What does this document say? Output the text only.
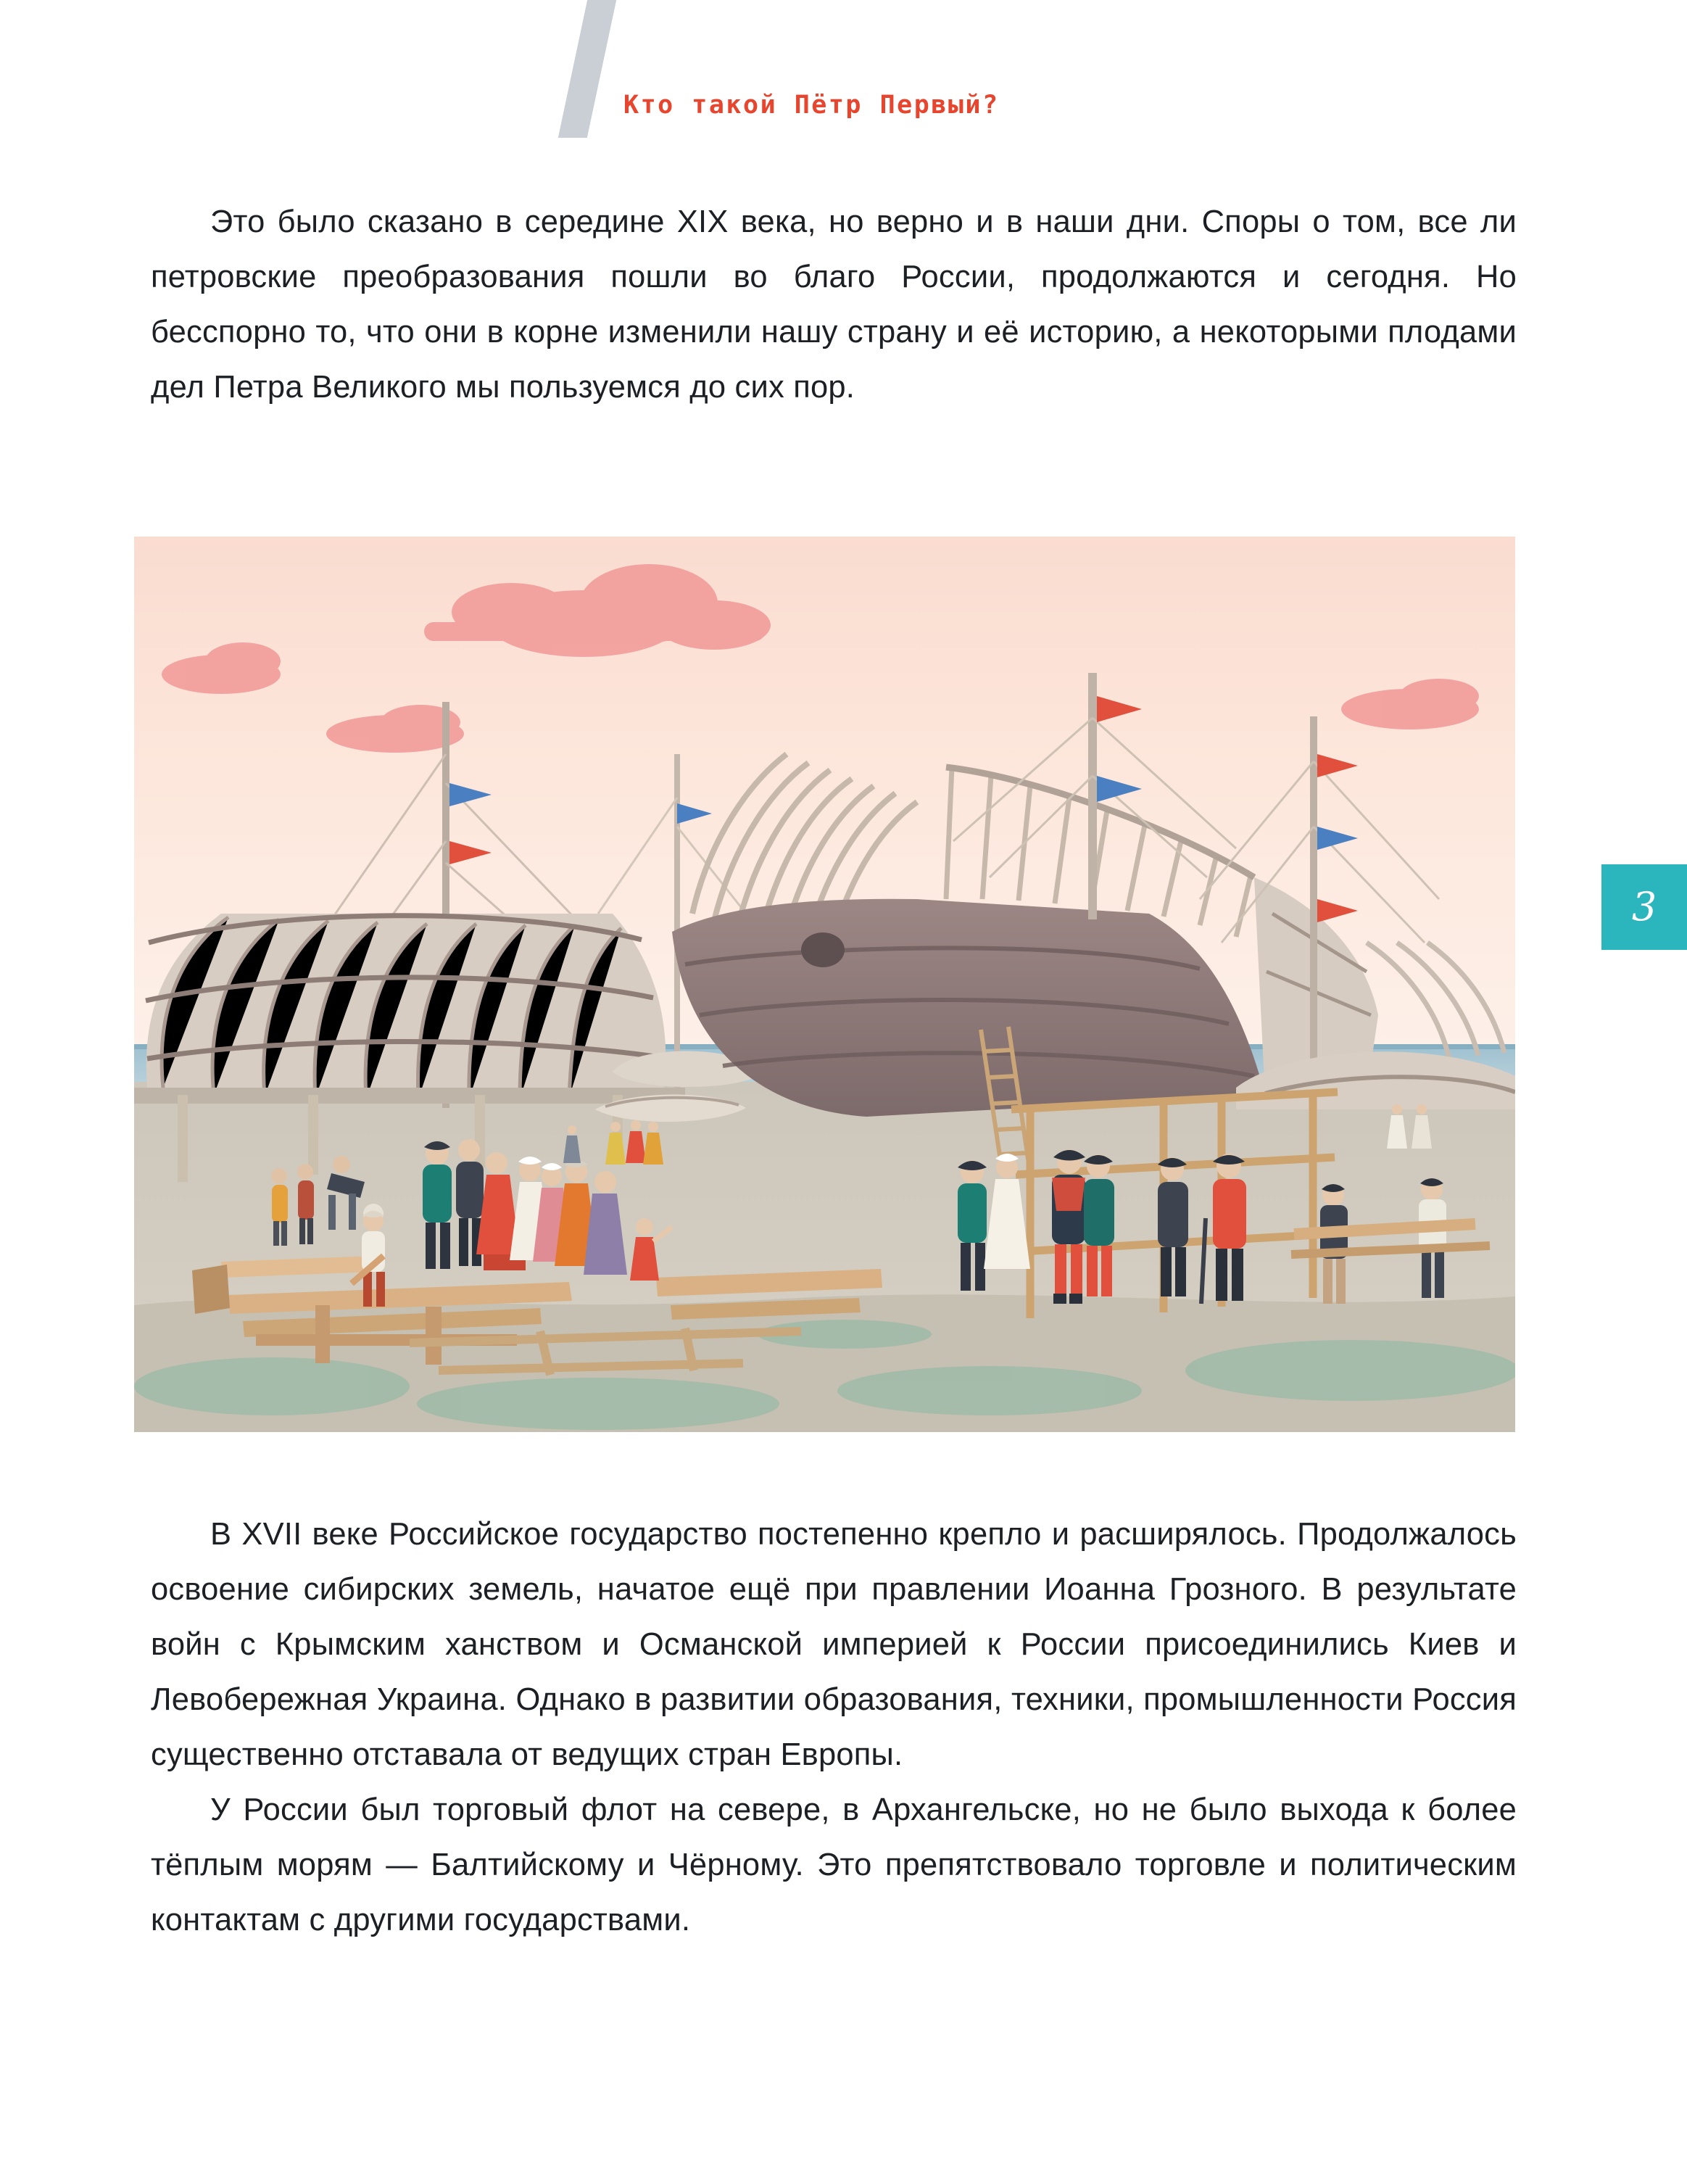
Кто такой Пётр Первый?
3

Это было сказано в середине XIX века, но верно и в наши дни. Споры о том, все ли петровские преобразования пошли во благо России, продолжаются и сегодня. Но бесспорно то, что они в корне изменили нашу страну и её историю, а некоторыми плодами дел Петра Великого мы пользуемся до сих пор.

В XVII веке Российское государство постепенно крепло и расширялось. Продолжалось освоение сибирских земель, начатое ещё при правлении Иоанна Грозного. В результате войн с Крымским ханством и Османской империей к России присоединились Киев и Левобережная Украина. Однако в развитии образования, техники, промышленности Россия существенно отставала от ведущих стран Европы.

У России был торговый флот на севере, в Архангельске, но не было выхода к более тёплым морям — Балтийскому и Чёрному. Это препятствовало торговле и политическим контактам с другими государствами.
